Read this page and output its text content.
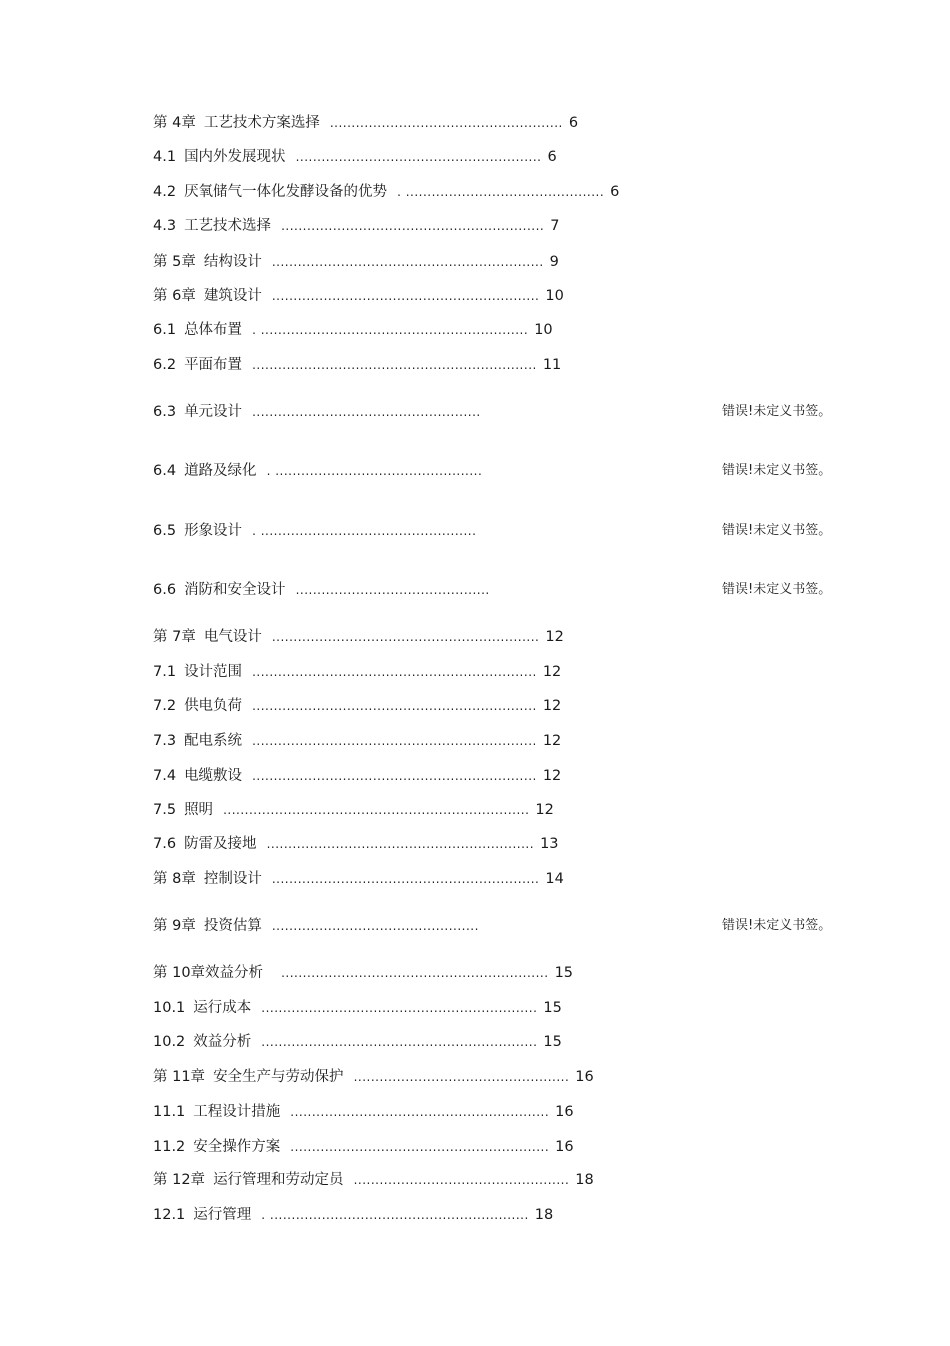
第 4章 工艺技术方案选择 ...................................................... 6
4.1 国内外发展现状 ......................................................... 6
4.2 厌氧储气一体化发酵设备的优势 . .............................................. 6
4.3 工艺技术选择 ............................................................. 7
第 5章 结构设计 ............................................................... 9
第 6章 建筑设计 .............................................................. 10
6.1 总体布置 . .............................................................. 10
6.2 平面布置 .................................................................. 11
6.3 单元设计 .....................................................
6.4 道路及绿化 . ................................................
6.5 形象设计 . ..................................................
6.6 消防和安全设计 .............................................
第 7章 电气设计 .............................................................. 12
7.1 设计范围 .................................................................. 12
7.2 供电负荷 .................................................................. 12
7.3 配电系统 .................................................................. 12
7.4 电缆敷设 .................................................................. 12
7.5 照明 ....................................................................... 12
7.6 防雷及接地 .............................................................. 13
第 8章 控制设计 .............................................................. 14
第 9章 投资估算 ................................................
第 10章效益分析 .............................................................. 15
10.1 运行成本 ................................................................ 15
10.2 效益分析 ................................................................ 15
第 11章 安全生产与劳动保护 .................................................. 16
11.1 工程设计措施 ............................................................ 16
11.2 安全操作方案 ............................................................ 16
第 12章 运行管理和劳动定员 .................................................. 18
12.1 运行管理 . ............................................................ 18
错误!未定义书签。
错误!未定义书签。
错误!未定义书签。
错误!未定义书签。
错误!未定义书签。
